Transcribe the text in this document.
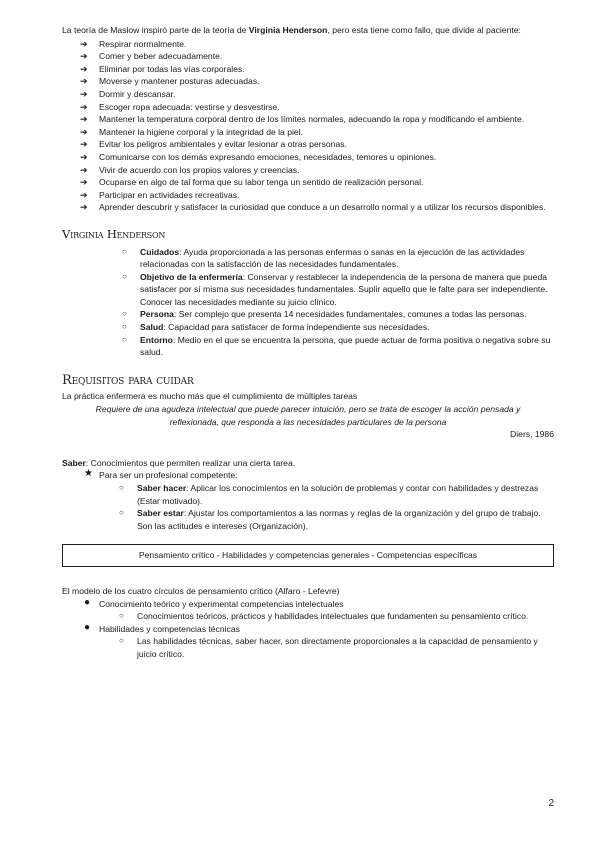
La teoría de Maslow inspiró parte de la teoría de Virginia Henderson, pero esta tiene como fallo, que divide al paciente:

➔ Respirar normalmente.
➔ Comer y beber adecuadamente.
➔ Eliminar por todas las vías corporales.
➔ Moverse y mantener posturas adecuadas.
➔ Dormir y descansar.
➔ Escoger ropa adecuada: vestirse y desvestirse.
➔ Mantener la temperatura corporal dentro de los límites normales, adecuando la ropa y modificando el ambiente.
➔ Mantener la higiene corporal y la integridad de la piel.
➔ Evitar los peligros ambientales y evitar lesionar a otras personas.
➔ Comunicarse con los demás expresando emociones, necesidades, temores u opiniones.
➔ Vivir de acuerdo con los propios valores y creencias.
➔ Ocuparse en algo de tal forma que su labor tenga un sentido de realización personal.
➔ Participar en actividades recreativas.
➔ Aprender descubrir y satisfacer la curiosidad que conduce a un desarrollo normal y a utilizar los recursos disponibles.
Virginia Henderson
○ Cuidados: Ayuda proporcionada a las personas enfermas o sanas en la ejecución de las actividades relacionadas con la satisfacción de las necesidades fundamentales.
○ Objetivo de la enfermería: Conservar y restablecer la independencia de la persona de manera que pueda satisfacer por sí misma sus necesidades fundamentales. Suplir aquello que le falte para ser independiente. Conocer las necesidades mediante su juicio clínico.
○ Persona: Ser complejo que presenta 14 necesidades fundamentales, comunes a todas las personas.
○ Salud: Capacidad para satisfacer de forma independiente sus necesidades.
○ Entorno: Medio en el que se encuentra la persona, que puede actuar de forma positiva o negativa sobre su salud.
Requisitos para cuidar

La práctica enfermera es mucho más que el cumplimiento de múltiples tareas

Requiere de una agudeza intelectual que puede parecer intuición, pero se trata de escoger la acción pensada y reflexionada, que responda a las necesidades particulares de la persona

Diers, 1986

Saber: Conocimientos que permiten realizar una cierta tarea.

★ Para ser un profesional competente:
○ Saber hacer: Aplicar los conocimientos en la solución de problemas y contar con habilidades y destrezas (Estar motivado).
○ Saber estar: Ajustar los comportamientos a las normas y reglas de la organización y del grupo de trabajo. Son las actitudes e intereses (Organización).
Pensamiento crítico - Habilidades y competencias generales - Competencias específicas

El modelo de los cuatro círculos de pensamiento crítico (Alfaro - Lefevre)

● Conocimiento teórico y experimental competencias intelectuales
○ Conocimientos teóricos, prácticos y habilidades intelectuales que fundamenten su pensamiento crítico.
● Habilidades y competencias técnicas
○ Las habilidades técnicas, saber hacer, son directamente proporcionales a la capacidad de pensamiento y juicio crítico.
2
